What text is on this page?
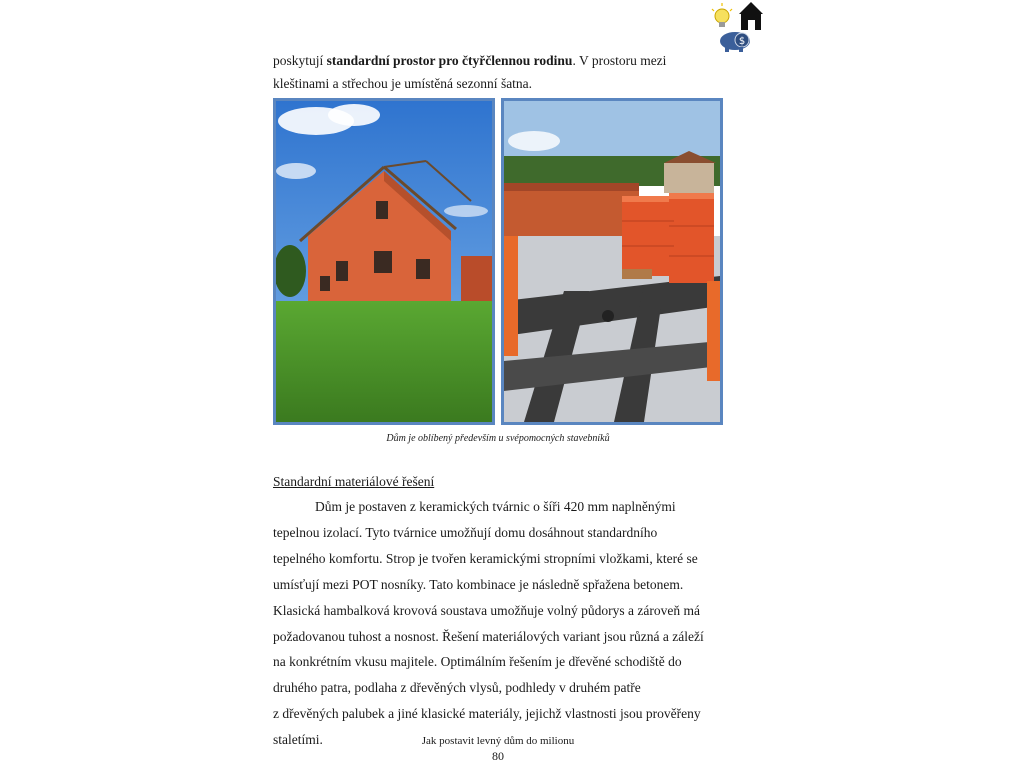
$

poskytují standardní prostor pro čtyřčlennou rodinu. V prostoru mezi
kleštinami a střechou je umístěná sezonní šatna.

Dům je oblíbený především u svépomocných stavebníků
Standardní materiálové řešení

Dům je postaven z keramických tvárnic o šíři 420 mm naplněnými
tepelnou izolací. Tyto tvárnice umožňují domu dosáhnout standardního
tepelného komfortu. Strop je tvořen keramickými stropními vložkami, které se
umísťují mezi POT nosníky. Tato kombinace je následně spřažena betonem.
Klasická hambalková krovová soustava umožňuje volný půdorys a zároveň má
požadovanou tuhost a nosnost. Řešení materiálových variant jsou různá a záleží
na konkrétním vkusu majitele. Optimálním řešením je dřevěné schodiště do
druhého patra, podlaha z dřevěných vlysů, podhledy v druhém patře
z dřevěných palubek a jiné klasické materiály, jejichž vlastnosti jsou prověřeny
staletími.	Jak postavit levný dům do milionu
80
